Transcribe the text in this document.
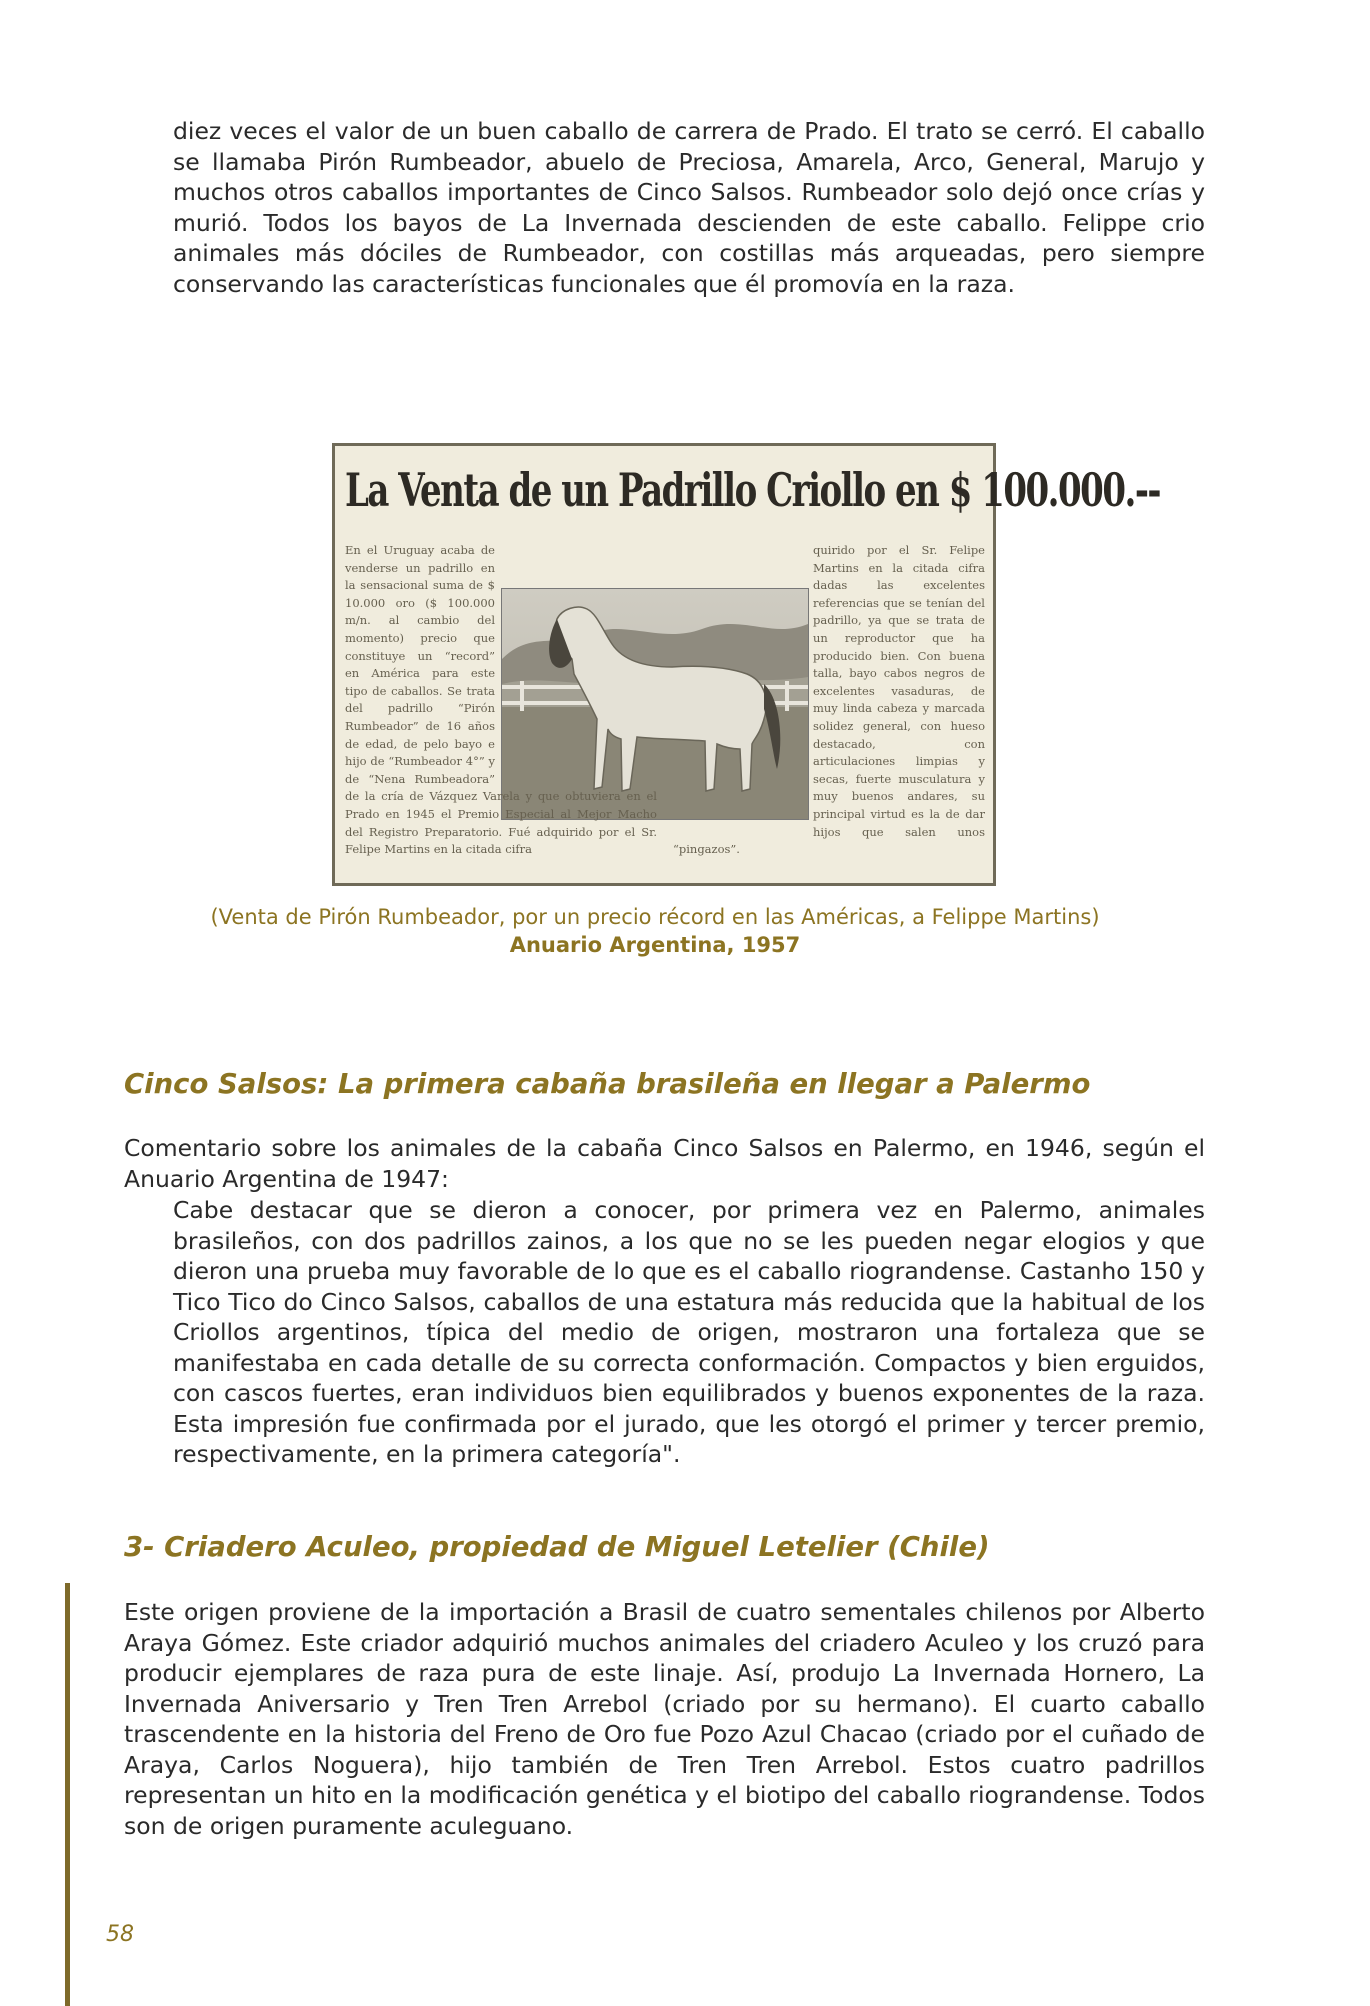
diez veces el valor de un buen caballo de carrera de Prado. El trato se cerró. El caballo se llamaba Pirón Rumbeador, abuelo de Preciosa, Amarela, Arco, General, Marujo y muchos otros caballos importantes de Cinco Salsos. Rumbeador solo dejó once crías y murió. Todos los bayos de La Invernada descienden de este caballo. Felippe crio animales más dóciles de Rumbeador, con costillas más arqueadas, pero siempre conservando las características funcionales que él promovía en la raza.

La Venta de un Padrillo Criollo en $ 100.000.--

En el Uruguay acaba de venderse un padrillo en la sensacional suma de $ 10.000 oro ($ 100.000 m/n. al cambio del momento) precio que constituye un “record” en América para este tipo de caballos. Se trata del padrillo “Pirón Rumbeador” de 16 años de edad, de pelo bayo e hijo de “Rumbeador 4°” y de “Nena Rumbeadora” de la cría de Vázquez Varela y que obtuviera en el Prado en 1945 el Premio Especial al Mejor Macho del Registro Preparatorio. Fué adquirido por el Sr. Felipe Martins en la citada cifra
quirido por el Sr. Felipe Martins en la citada cifra dadas las excelentes referencias que se tenían del padrillo, ya que se trata de un reproductor que ha producido bien. Con buena talla, bayo cabos negros de excelentes vasaduras, de muy linda cabeza y marcada solidez general, con hueso destacado, con articulaciones limpias y secas, fuerte musculatura y muy buenos andares, su principal virtud es la de dar hijos que salen unos “pingazos”.

(Venta de Pirón Rumbeador, por un precio récord en las Américas, a Felippe Martins)

Anuario Argentina, 1957

Cinco Salsos: La primera cabaña brasileña en llegar a Palermo

Comentario sobre los animales de la cabaña Cinco Salsos en Palermo, en 1946, según el Anuario Argentina de 1947:

Cabe destacar que se dieron a conocer, por primera vez en Palermo, animales brasileños, con dos padrillos zainos, a los que no se les pueden negar elogios y que dieron una prueba muy favorable de lo que es el caballo riograndense. Castanho 150 y Tico Tico do Cinco Salsos, caballos de una estatura más reducida que la habitual de los Criollos argentinos, típica del medio de origen, mostraron una fortaleza que se manifestaba en cada detalle de su correcta conformación. Compactos y bien erguidos, con cascos fuertes, eran individuos bien equilibrados y buenos exponentes de la raza. Esta impresión fue confirmada por el jurado, que les otorgó el primer y tercer premio, respectivamente, en la primera categoría".

3- Criadero Aculeo, propiedad de Miguel Letelier (Chile)

Este origen proviene de la importación a Brasil de cuatro sementales chilenos por Alberto Araya Gómez. Este criador adquirió muchos animales del criadero Aculeo y los cruzó para producir ejemplares de raza pura de este linaje. Así, produjo La Invernada Hornero, La Invernada Aniversario y Tren Tren Arrebol (criado por su hermano). El cuarto caballo trascendente en la historia del Freno de Oro fue Pozo Azul Chacao (criado por el cuñado de Araya, Carlos Noguera), hijo también de Tren Tren Arrebol. Estos cuatro padrillos representan un hito en la modificación genética y el biotipo del caballo riograndense. Todos son de origen puramente aculeguano.

58
